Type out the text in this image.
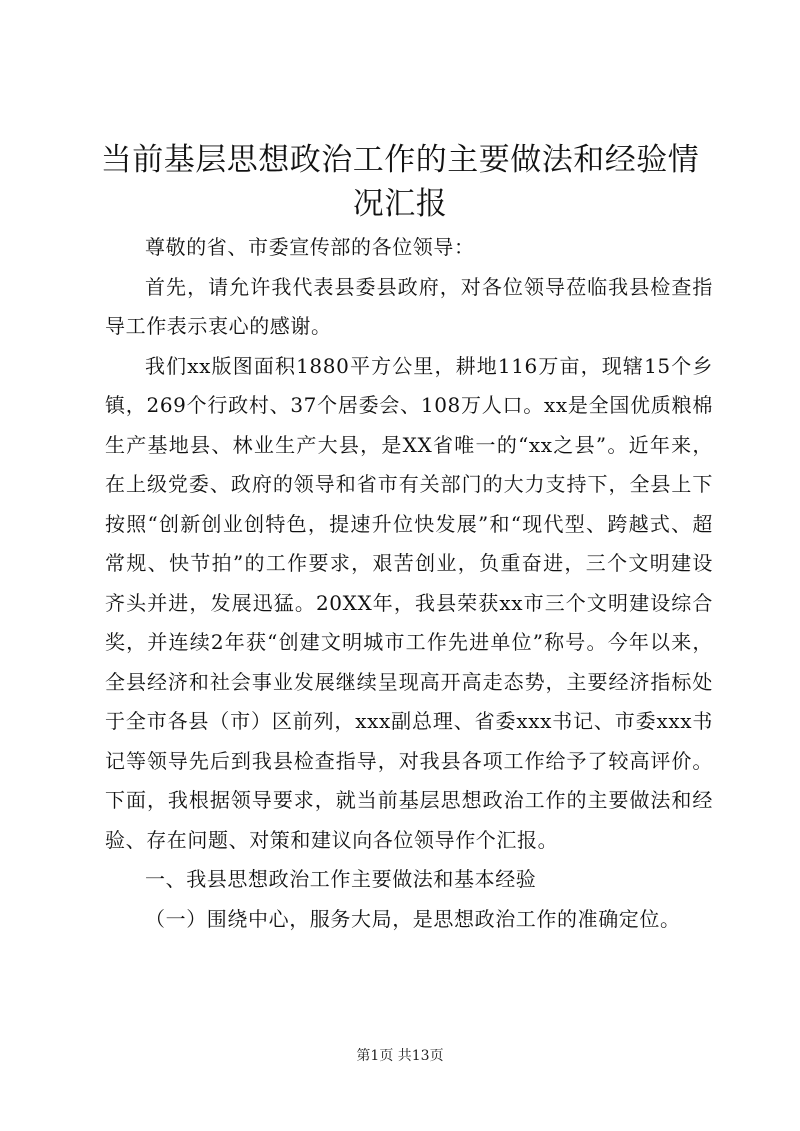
当前基层思想政治工作的主要做法和经验情况汇报

尊敬的省、市委宣传部的各位领导：

首先，请允许我代表县委县政府，对各位领导莅临我县检查指导工作表示衷心的感谢。

我们xx版图面积1880平方公里，耕地116万亩，现辖15个乡镇，269个行政村、37个居委会、108万人口。xx是全国优质粮棉生产基地县、林业生产大县，是XX省唯一的“xx之县”。近年来，在上级党委、政府的领导和省市有关部门的大力支持下，全县上下按照“创新创业创特色，提速升位快发展”和“现代型、跨越式、超常规、快节拍”的工作要求，艰苦创业，负重奋进，三个文明建设齐头并进，发展迅猛。20XX年，我县荣获xx市三个文明建设综合奖，并连续2年获“创建文明城市工作先进单位”称号。今年以来，全县经济和社会事业发展继续呈现高开高走态势，主要经济指标处于全市各县（市）区前列，xxx副总理、省委xxx书记、市委xxx书记等领导先后到我县检查指导，对我县各项工作给予了较高评价。下面，我根据领导要求，就当前基层思想政治工作的主要做法和经验、存在问题、对策和建议向各位领导作个汇报。

一、我县思想政治工作主要做法和基本经验

（一）围绕中心，服务大局，是思想政治工作的准确定位。

第1页 共13页
